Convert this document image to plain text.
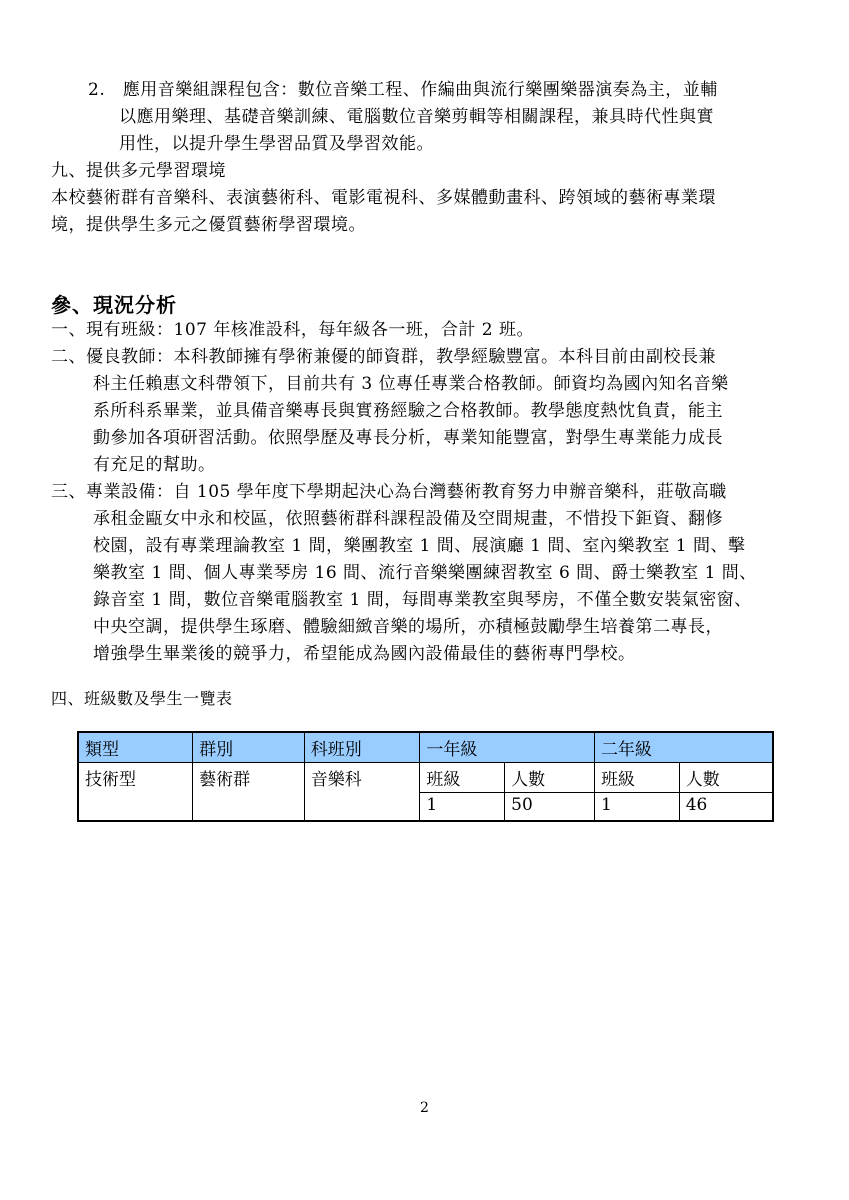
2.　應用音樂組課程包含：數位音樂工程、作編曲與流行樂團樂器演奏為主，並輔
以應用樂理、基礎音樂訓練、電腦數位音樂剪輯等相關課程，兼具時代性與實
用性，以提升學生學習品質及學習效能。
九、提供多元學習環境
本校藝術群有音樂科、表演藝術科、電影電視科、多媒體動畫科、跨領域的藝術專業環
境，提供學生多元之優質藝術學習環境。
參、現況分析
一、現有班級：107 年核准設科，每年級各一班，合計 2 班。
二、優良教師：本科教師擁有學術兼優的師資群，教學經驗豐富。本科目前由副校長兼
科主任賴惠文科帶領下，目前共有 3 位專任專業合格教師。師資均為國內知名音樂
系所科系畢業，並具備音樂專長與實務經驗之合格教師。教學態度熱忱負責，能主
動參加各項研習活動。依照學歷及專長分析，專業知能豐富，對學生專業能力成長
有充足的幫助。
三、專業設備：自 105 學年度下學期起決心為台灣藝術教育努力申辦音樂科，莊敬高職
承租金甌女中永和校區，依照藝術群科課程設備及空間規畫，不惜投下鉅資、翻修
校園，設有專業理論教室 1 間，樂團教室 1 間、展演廳 1 間、室內樂教室 1 間、擊
樂教室 1 間、個人專業琴房 16 間、流行音樂樂團練習教室 6 間、爵士樂教室 1 間、
錄音室 1 間，數位音樂電腦教室 1 間，每間專業教室與琴房，不僅全數安裝氣密窗、
中央空調，提供學生琢磨、體驗細緻音樂的場所，亦積極鼓勵學生培養第二專長，
增強學生畢業後的競爭力，希望能成為國內設備最佳的藝術專門學校。
四、班級數及學生一覽表
類型	群別	科班別	一年級		二年級	
技術型	藝術群	音樂科	班級	人數	班級	人數
			1	50	1	46
2
